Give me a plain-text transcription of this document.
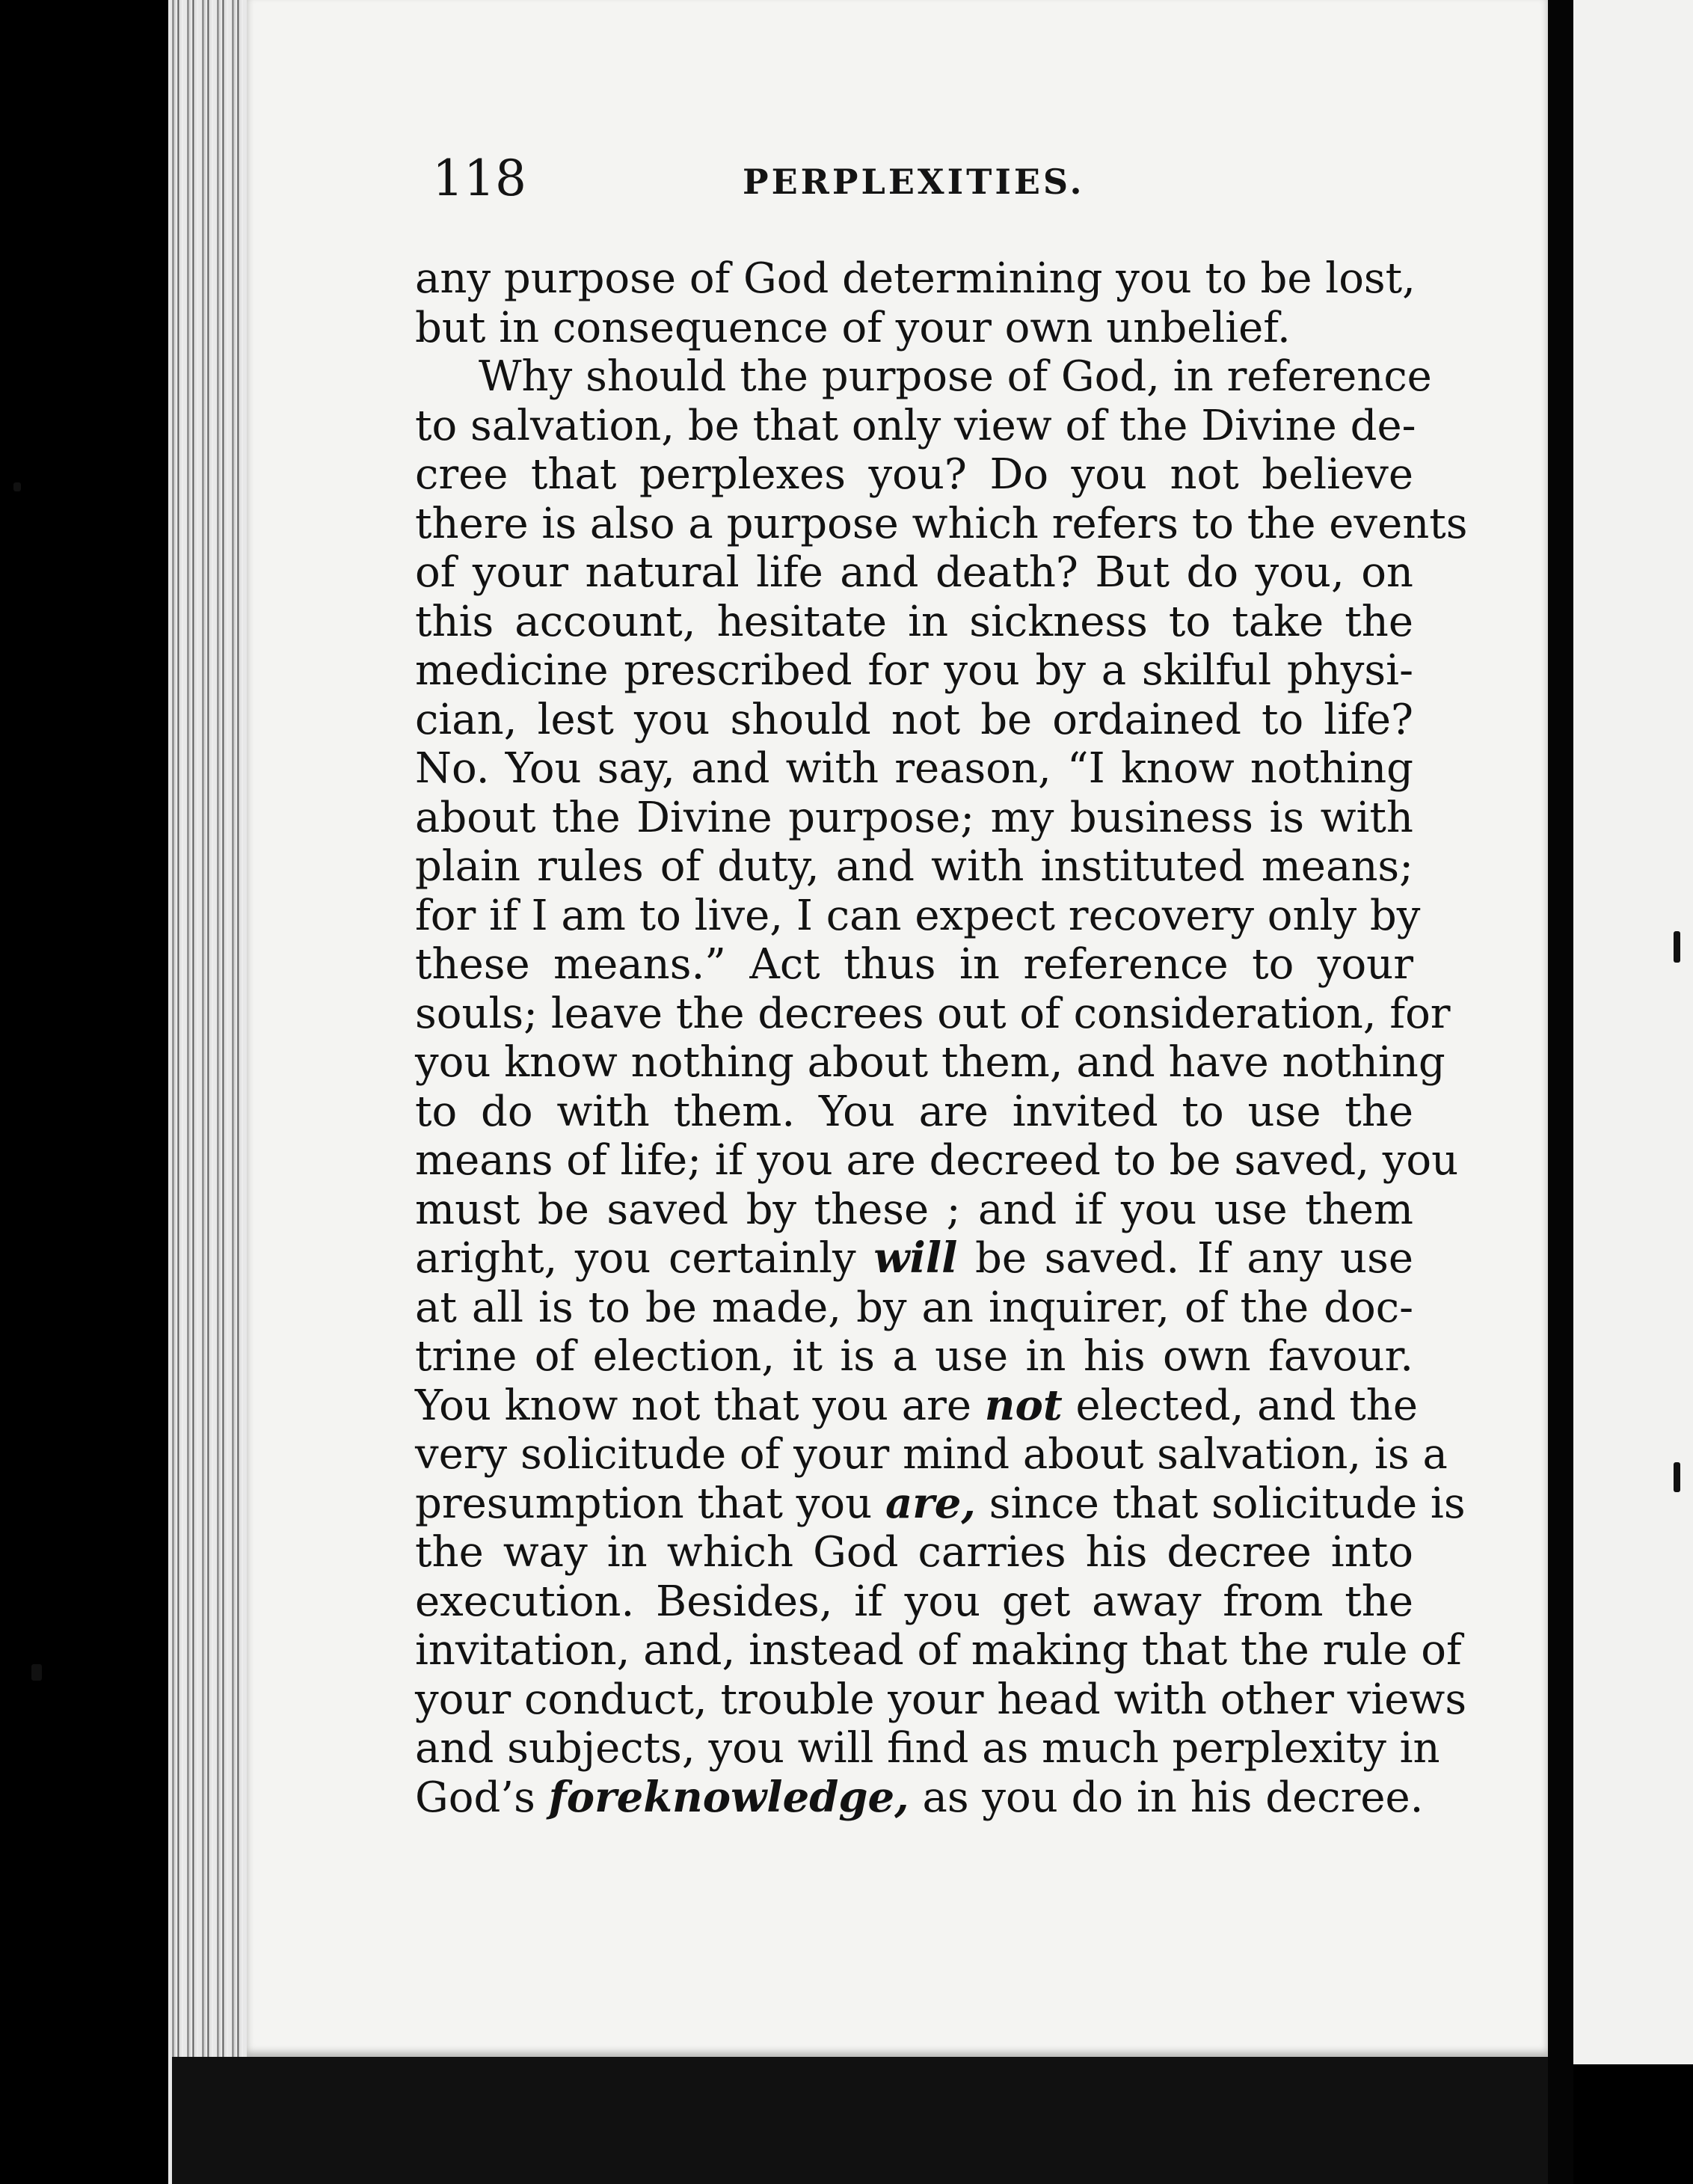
118	PERPLEXITIES.
any purpose of God determining you to be lost,
but in consequence of your own unbelief.
Why should the purpose of God, in reference
to salvation, be that only view of the Divine de-
cree that perplexes you? Do you not believe
there is also a purpose which refers to the events
of your natural life and death? But do you, on
this account, hesitate in sickness to take the
medicine prescribed for you by a skilful physi-
cian, lest you should not be ordained to life?
No. You say, and with reason, “I know nothing
about the Divine purpose; my business is with
plain rules of duty, and with instituted means;
for if I am to live, I can expect recovery only by
these means.” Act thus in reference to your
souls; leave the decrees out of consideration, for
you know nothing about them, and have nothing
to do with them. You are invited to use the
means of life; if you are decreed to be saved, you
must be saved by these ; and if you use them
aright, you certainly will be saved. If any use
at all is to be made, by an inquirer, of the doc-
trine of election, it is a use in his own favour.
You know not that you are not elected, and the
very solicitude of your mind about salvation, is a
presumption that you are, since that solicitude is
the way in which God carries his decree into
execution. Besides, if you get away from the
invitation, and, instead of making that the rule of
your conduct, trouble your head with other views
and subjects, you will find as much perplexity in
God’s foreknowledge, as you do in his decree.
